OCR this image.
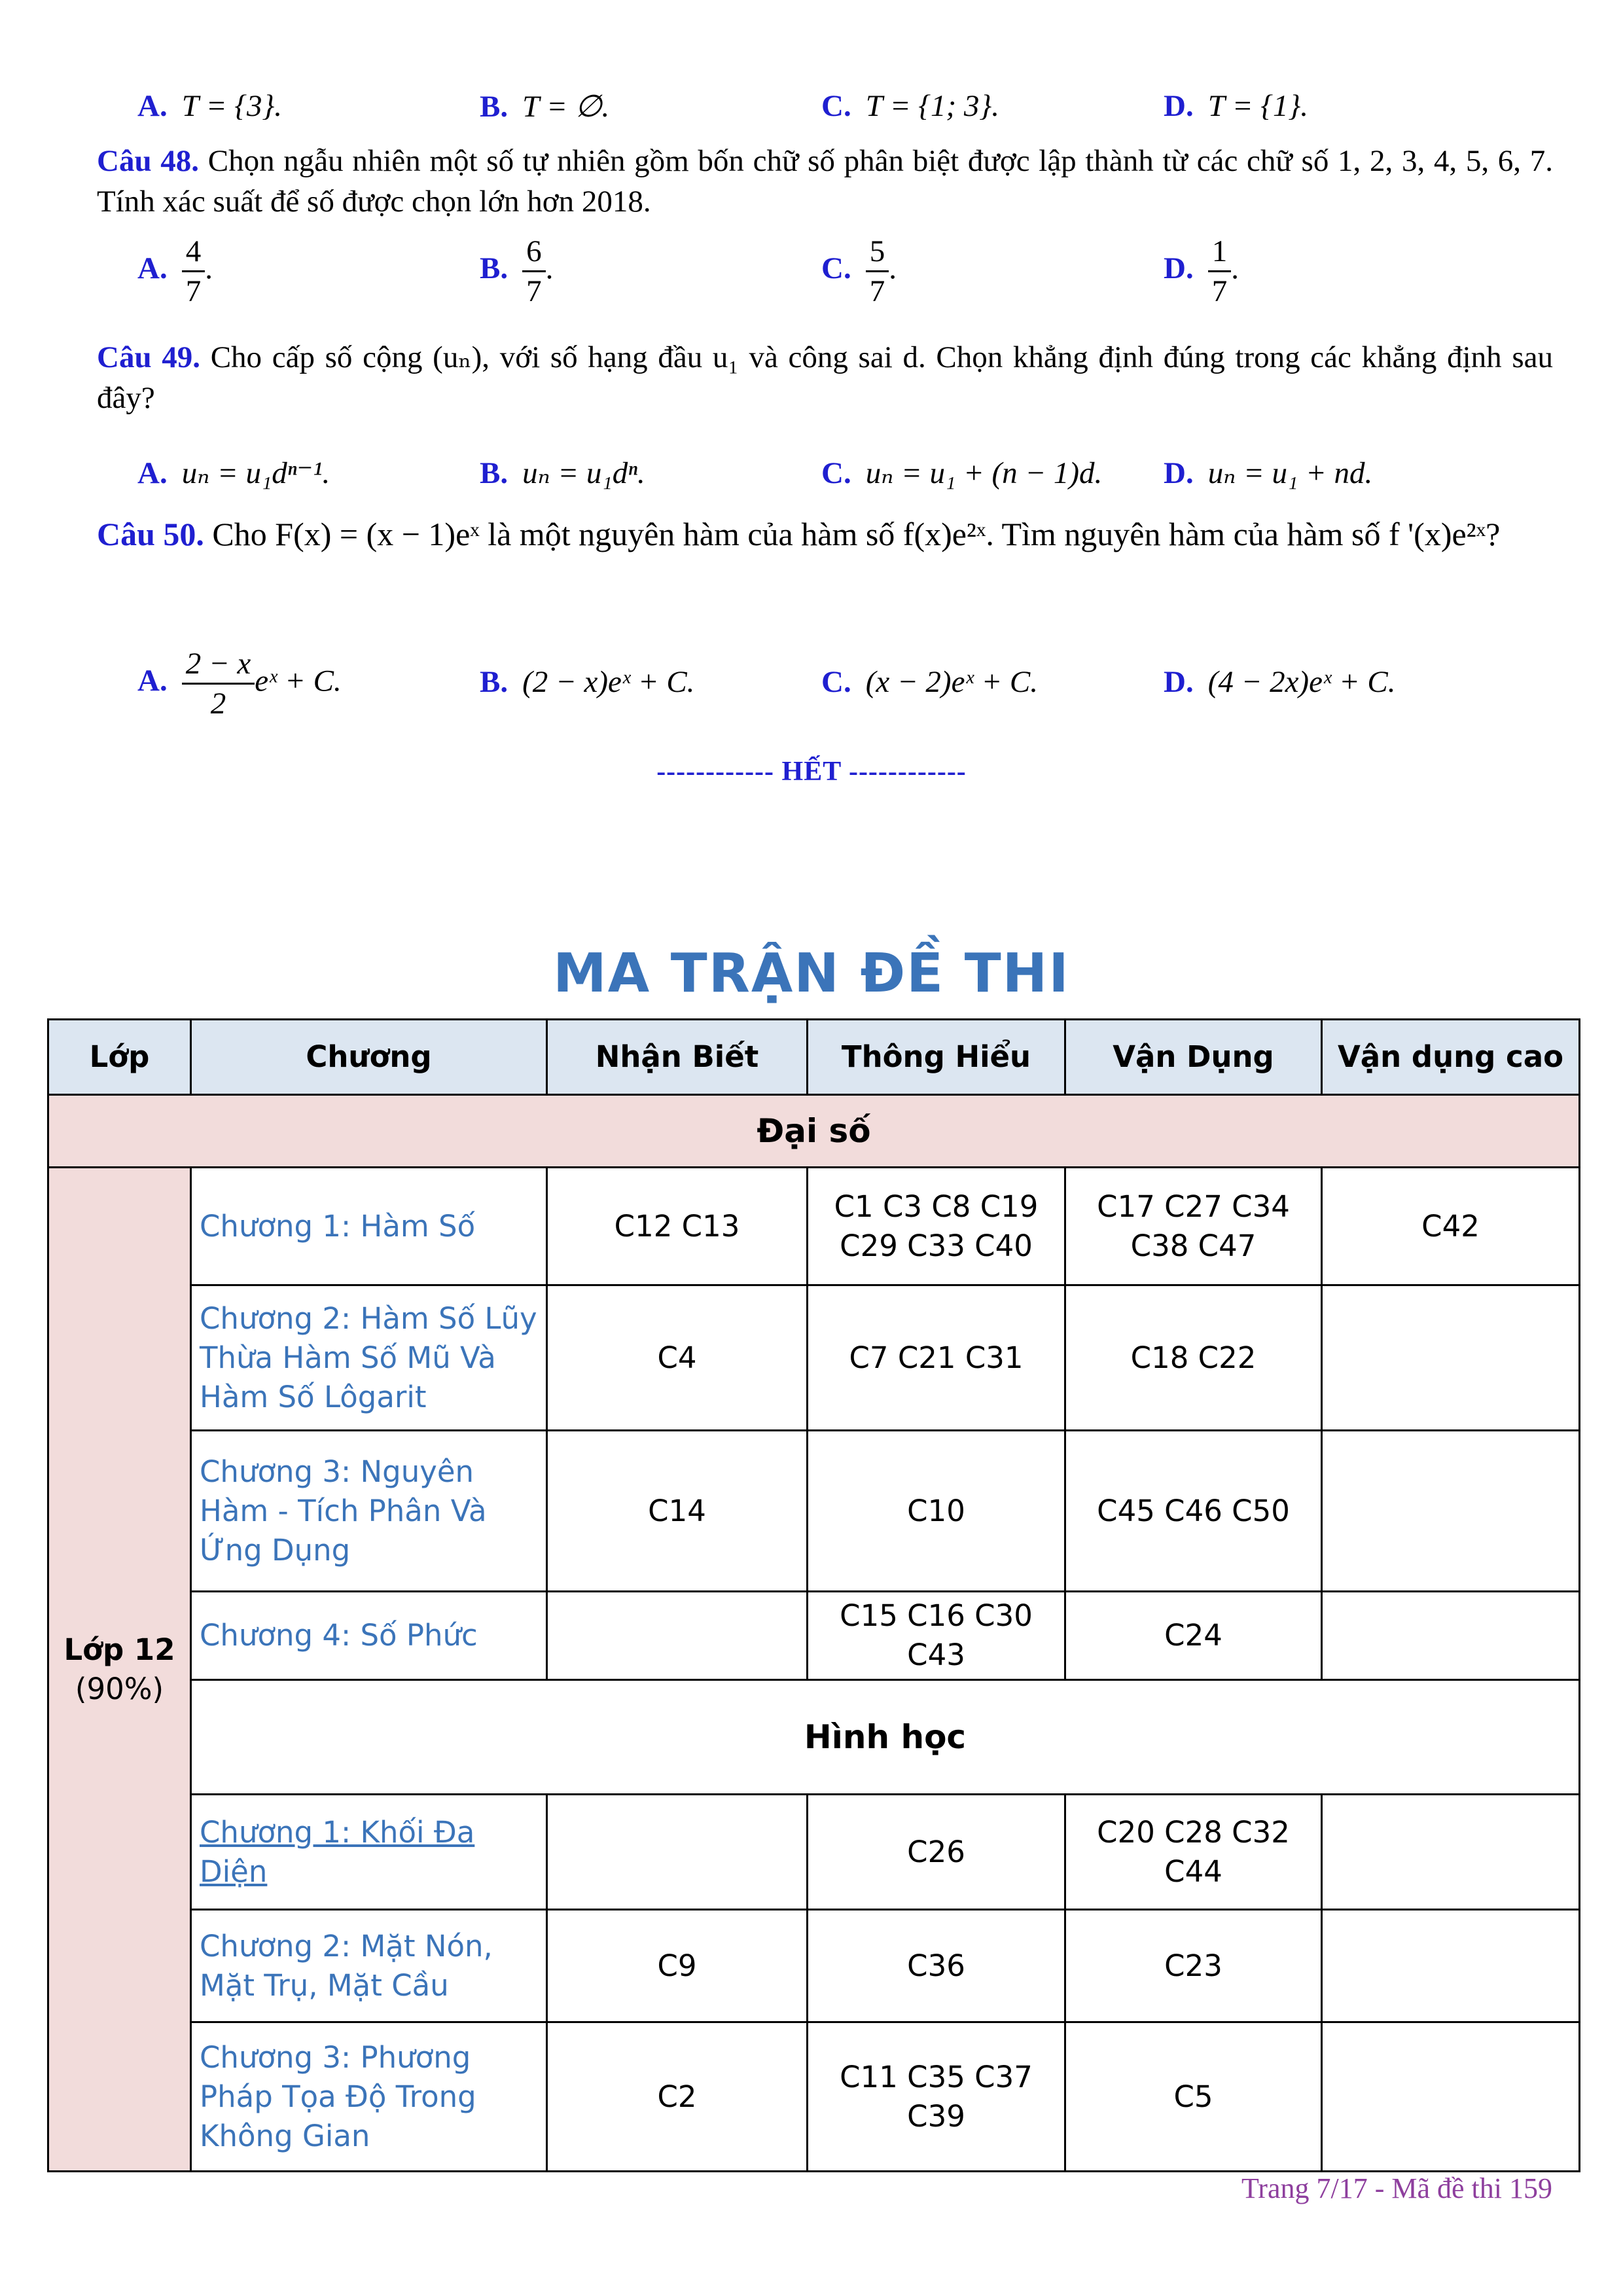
A. T = {3}.	B. T = ∅.	C. T = {1; 3}.	D. T = {1}.
Câu 48. Chọn ngẫu nhiên một số tự nhiên gồm bốn chữ số phân biệt được lập thành từ các chữ số 1, 2, 3, 4, 5, 6, 7. Tính xác suất để số được chọn lớn hơn 2018.
A. $\frac{4}{7}$ .	B. $\frac{6}{7}$ .	C. $\frac{5}{7}$ .	D. $\frac{1}{7}$ .
Câu 49. Cho cấp số cộng (uₙ), với số hạng đầu u₁ và công sai d. Chọn khẳng định đúng trong các khẳng định sau đây?
A. uₙ = u₁dⁿ⁻¹.	B. uₙ = u₁dⁿ.	C. uₙ = u₁ + (n − 1)d. D. uₙ = u₁ + nd.
Câu 50. Cho F(x) = (x − 1)eˣ là một nguyên hàm của hàm số f(x)e²ˣ. Tìm nguyên hàm của hàm số f '(x)e²ˣ?
A. $\frac{2 - x}{2}$ eˣ + C.	B. (2 − x)eˣ + C.	C. (x − 2)eˣ + C.	D. (4 − 2x)eˣ + C.
------------ HẾT ------------
MA TRẬN ĐỀ THI
Lớp	Chương	Nhận Biết	Thông Hiểu	Vận Dụng	Vận dụng cao
Đại số					

Lớp 12
(90%)	Chương 1: Hàm Số	C12 C13	C1 C3 C8 C19 C29 C33 C40	C17 C27 C34 C38 C47	C42
	Chương 2: Hàm Số Lũy Thừa Hàm Số Mũ Và Hàm Số Lôgarit	C4	C7 C21 C31	C18 C22	
	Chương 3: Nguyên Hàm - Tích Phân Và Ứng Dụng	C14	C10	C45 C46 C50	
	Chương 4: Số Phức		C15 C16 C30 C43	C24	
	Hình học				
	Chương 1: Khối Đa Diện		C26	C20 C28 C32 C44	
	Chương 2: Mặt Nón, Mặt Trụ, Mặt Cầu	C9	C36	C23	
	Chương 3: Phương Pháp Tọa Độ Trong Không Gian	C2	C11 C35 C37 C39	C5	
Trang 7/17 - Mã đề thi 159
